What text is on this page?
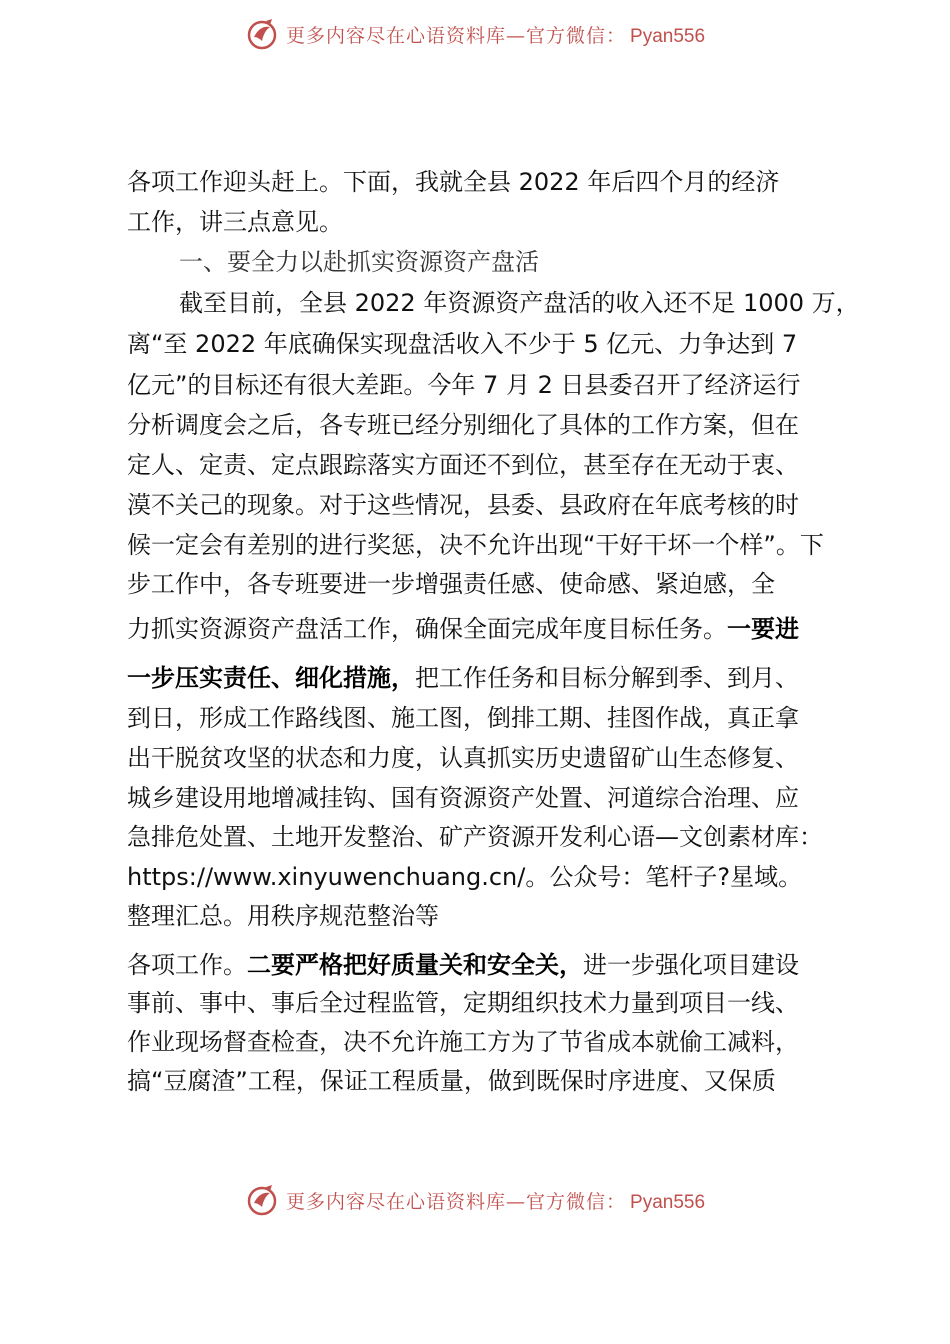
更多内容尽在心语资料库—官方微信： Pyan556
各项工作迎头赶上。下面，我就全县 2022 年后四个月的经济
工作，讲三点意见。
一、要全力以赴抓实资源资产盘活
截至目前，全县 2022 年资源资产盘活的收入还不足 1000 万，
离“至 2022 年底确保实现盘活收入不少于 5 亿元、力争达到 7
亿元”的目标还有很大差距。今年 7 月 2 日县委召开了经济运行
分析调度会之后，各专班已经分别细化了具体的工作方案，但在
定人、定责、定点跟踪落实方面还不到位，甚至存在无动于衷、
漠不关己的现象。对于这些情况，县委、县政府在年底考核的时
候一定会有差别的进行奖惩，决不允许出现“干好干坏一个样”。下
步工作中，各专班要进一步增强责任感、使命感、紧迫感，全
力抓实资源资产盘活工作，确保全面完成年度目标任务。一要进
一步压实责任、细化措施，把工作任务和目标分解到季、到月、
到日，形成工作路线图、施工图，倒排工期、挂图作战，真正拿
出干脱贫攻坚的状态和力度，认真抓实历史遗留矿山生态修复、
城乡建设用地增减挂钩、国有资源资产处置、河道综合治理、应
急排危处置、土地开发整治、矿产资源开发利心语—文创素材库：
https://www.xinyuwenchuang.cn/。公众号：笔杆子?星域。
整理汇总。用秩序规范整治等
各项工作。二要严格把好质量关和安全关，进一步强化项目建设
事前、事中、事后全过程监管，定期组织技术力量到项目一线、
作业现场督查检查，决不允许施工方为了节省成本就偷工减料，
搞“豆腐渣”工程，保证工程质量，做到既保时序进度、又保质
更多内容尽在心语资料库—官方微信： Pyan556
